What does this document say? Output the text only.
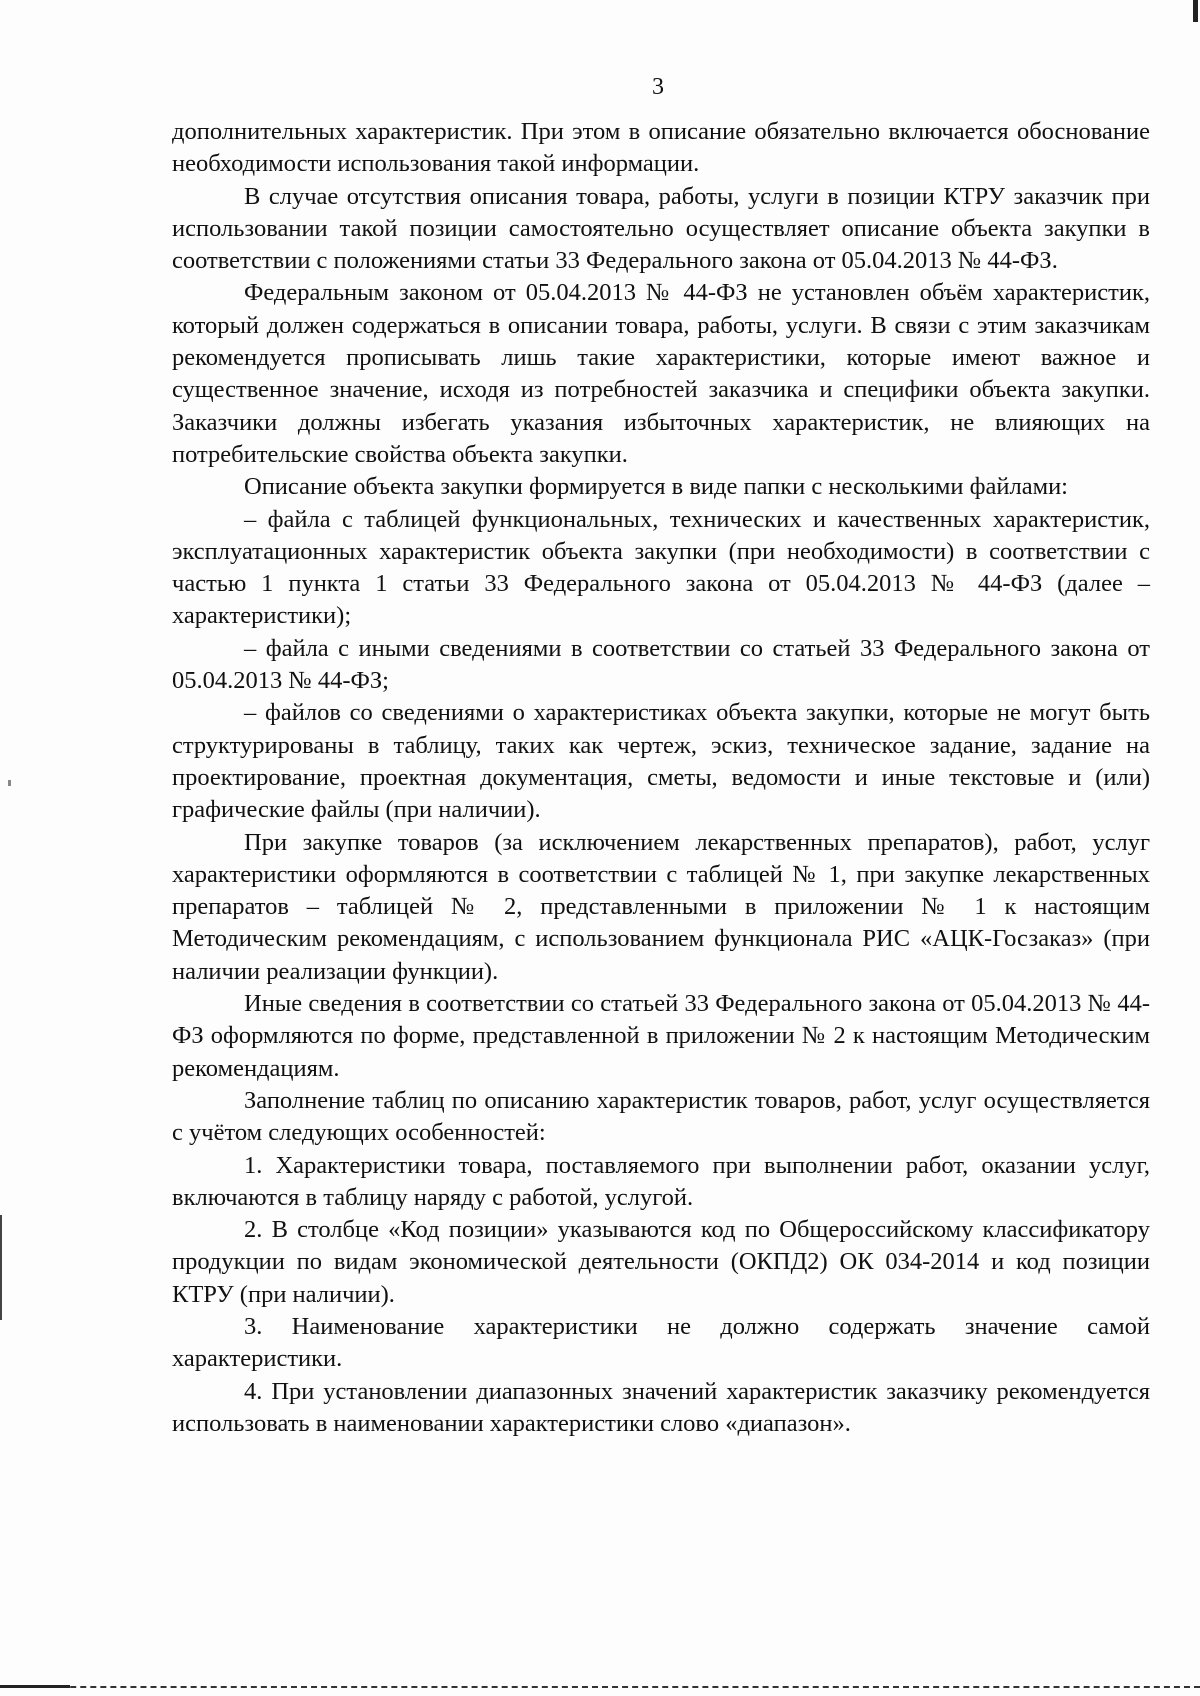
3

дополнительных характеристик. При этом в описание обязательно включается обоснование необходимости использования такой информации.

В случае отсутствия описания товара, работы, услуги в позиции КТРУ заказчик при использовании такой позиции самостоятельно осуществляет описание объекта закупки в соответствии с положениями статьи 33 Федерального закона от 05.04.2013 № 44-ФЗ.

Федеральным законом от 05.04.2013 № 44-ФЗ не установлен объём характеристик, который должен содержаться в описании товара, работы, услуги. В связи с этим заказчикам рекомендуется прописывать лишь такие характеристики, которые имеют важное и существенное значение, исходя из потребностей заказчика и специфики объекта закупки. Заказчики должны избегать указания избыточных характеристик, не влияющих на потребительские свойства объекта закупки.

Описание объекта закупки формируется в виде папки с несколькими файлами:

– файла с таблицей функциональных, технических и качественных характеристик, эксплуатационных характеристик объекта закупки (при необходимости) в соответствии с частью 1 пункта 1 статьи 33 Федерального закона от 05.04.2013 № 44-ФЗ (далее – характеристики);

– файла с иными сведениями в соответствии со статьей 33 Федерального закона от 05.04.2013 № 44-ФЗ;

– файлов со сведениями о характеристиках объекта закупки, которые не могут быть структурированы в таблицу, таких как чертеж, эскиз, техническое задание, задание на проектирование, проектная документация, сметы, ведомости и иные текстовые и (или) графические файлы (при наличии).

При закупке товаров (за исключением лекарственных препаратов), работ, услуг характеристики оформляются в соответствии с таблицей № 1, при закупке лекарственных препаратов – таблицей № 2, представленными в приложении № 1 к настоящим Методическим рекомендациям, с использованием функционала РИС «АЦК-Госзаказ» (при наличии реализации функции).

Иные сведения в соответствии со статьей 33 Федерального закона от 05.04.2013 № 44-ФЗ оформляются по форме, представленной в приложении № 2 к настоящим Методическим рекомендациям.

Заполнение таблиц по описанию характеристик товаров, работ, услуг осуществляется с учётом следующих особенностей:

1. Характеристики товара, поставляемого при выполнении работ, оказании услуг, включаются в таблицу наряду с работой, услугой.

2. В столбце «Код позиции» указываются код по Общероссийскому классификатору продукции по видам экономической деятельности (ОКПД2) ОК 034-2014 и код позиции КТРУ (при наличии).

3. Наименование характеристики не должно содержать значение самой характеристики.

4. При установлении диапазонных значений характеристик заказчику рекомендуется использовать в наименовании характеристики слово «диапазон».
